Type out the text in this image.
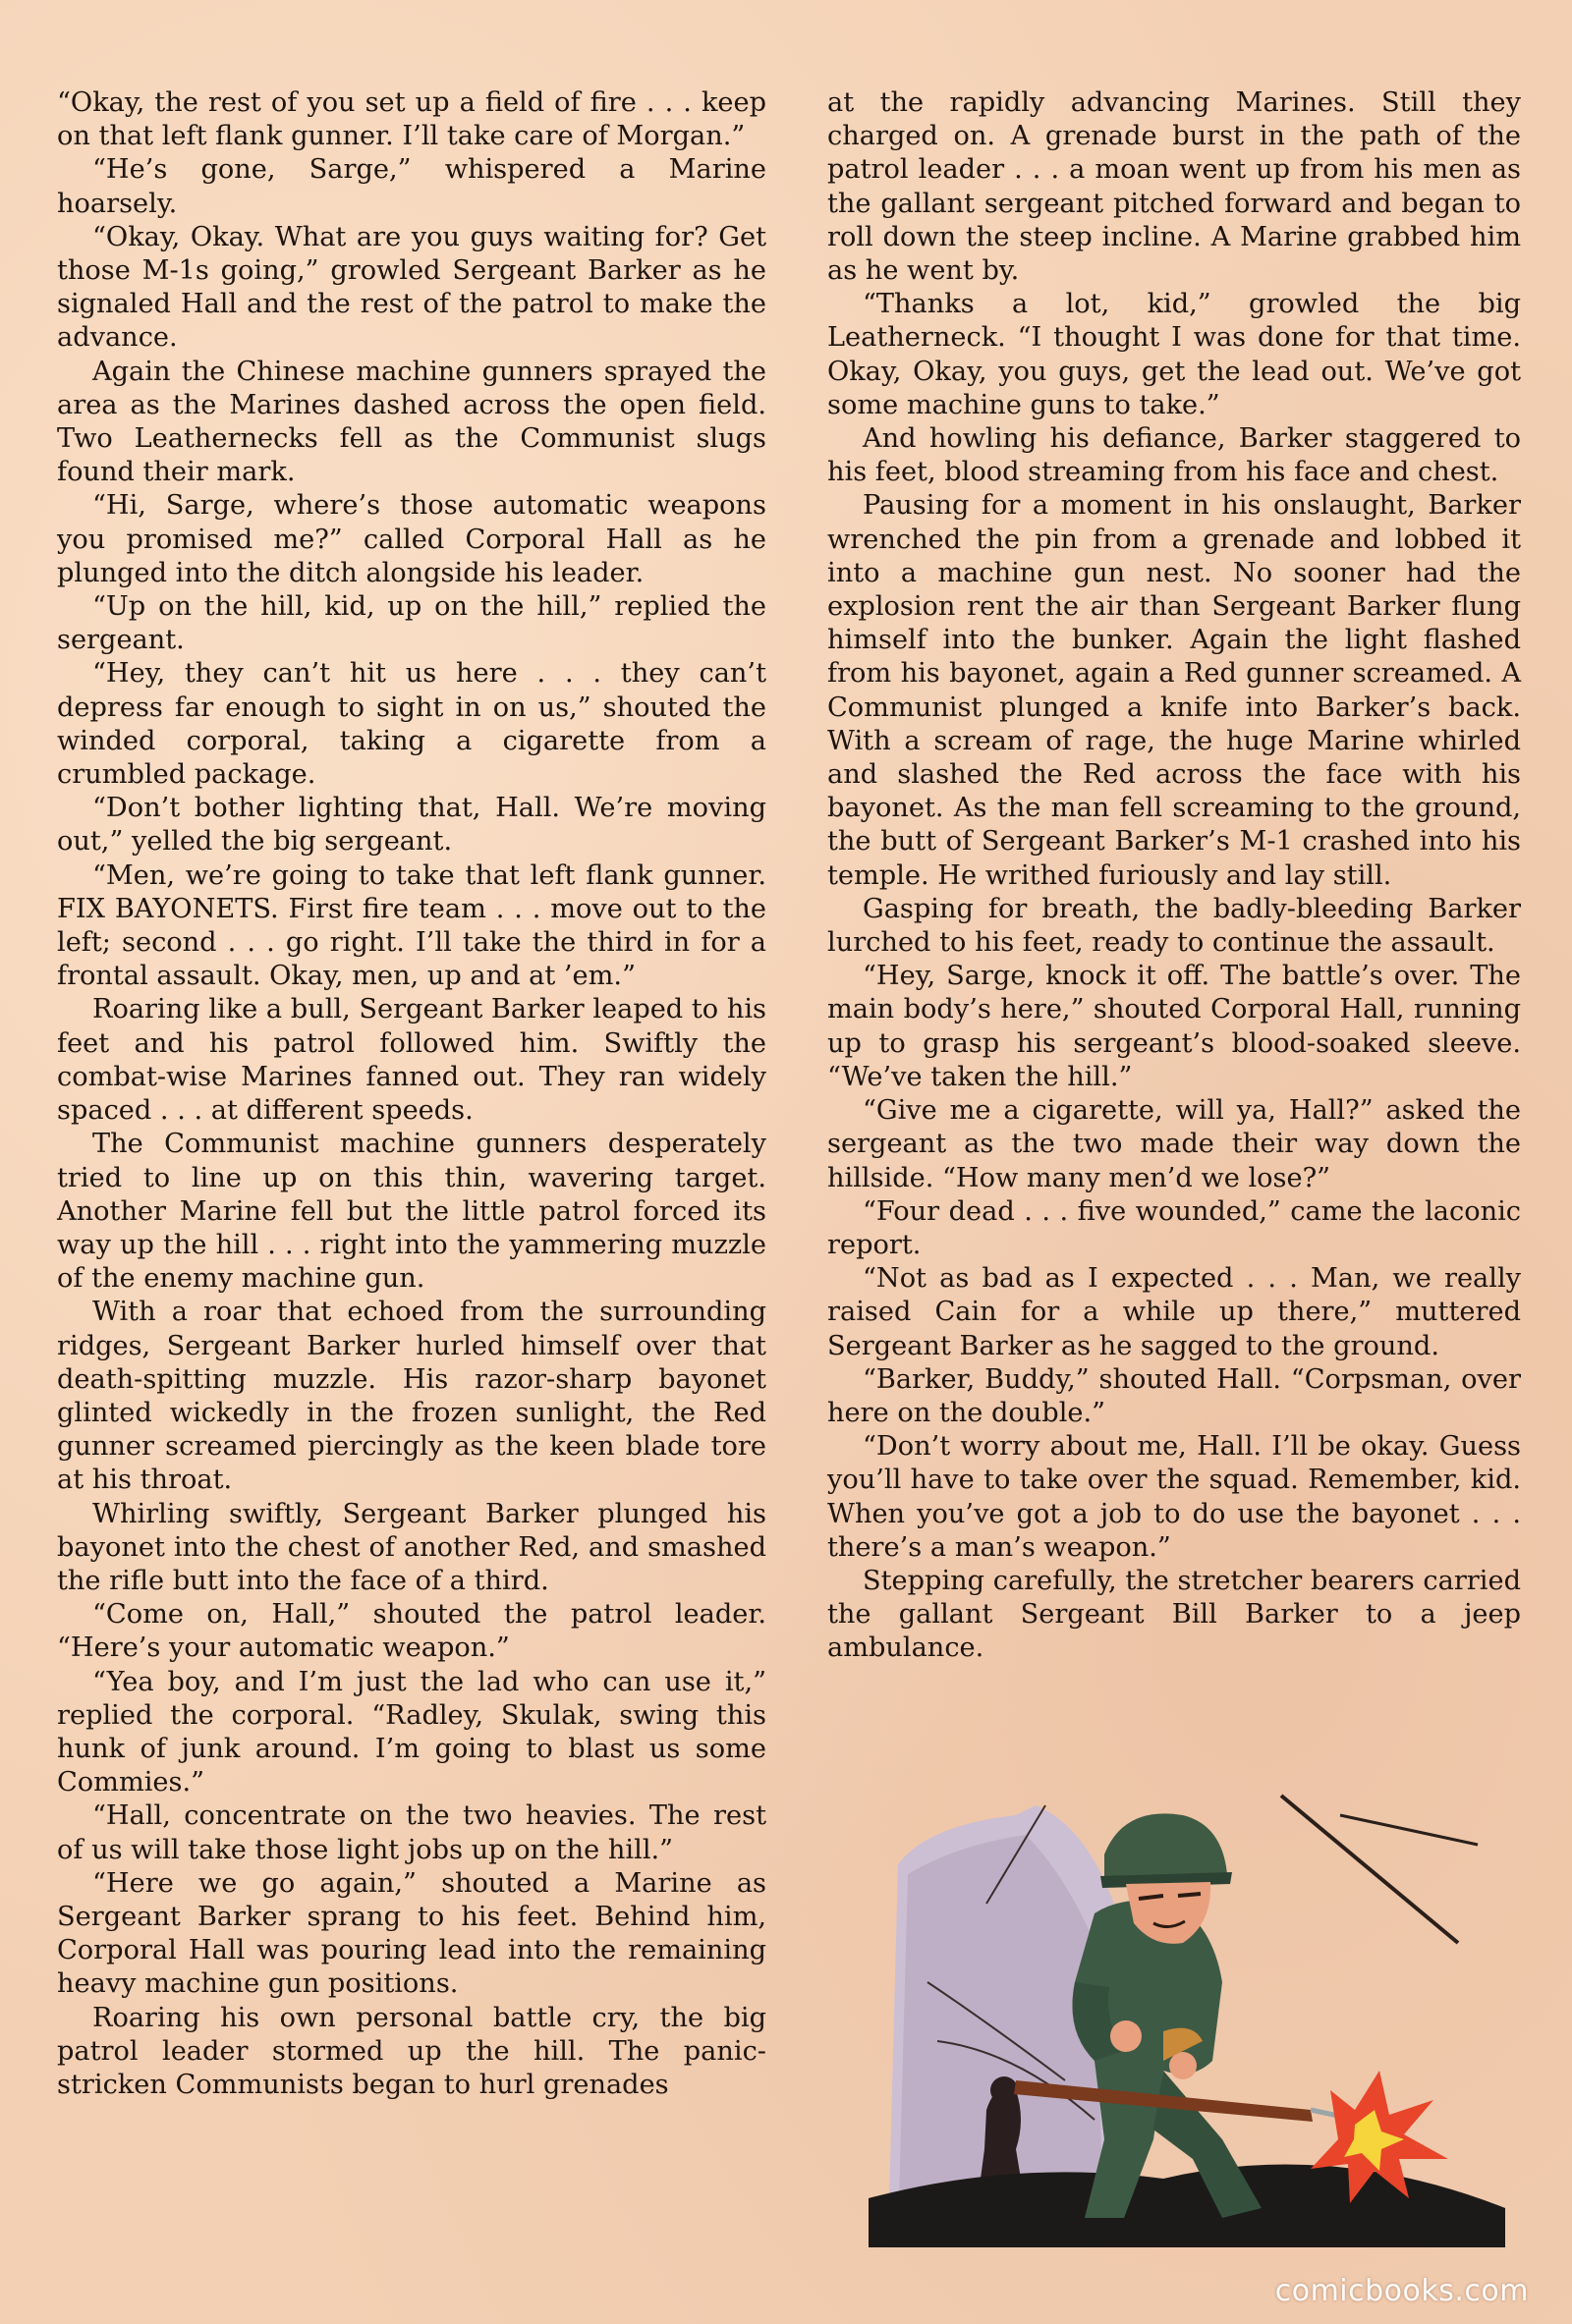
“Okay, the rest of you set up a field of fire . . . keep on that left flank gunner. I’ll take care of Morgan.”

“He’s gone, Sarge,” whispered a Marine hoarsely.

“Okay, Okay. What are you guys waiting for? Get those M-1s going,” growled Sergeant Barker as he signaled Hall and the rest of the patrol to make the advance.

Again the Chinese machine gunners sprayed the area as the Marines dashed across the open field. Two Leathernecks fell as the Communist slugs found their mark.

“Hi, Sarge, where’s those automatic weapons you promised me?” called Corporal Hall as he plunged into the ditch alongside his leader.

“Up on the hill, kid, up on the hill,” replied the sergeant.

“Hey, they can’t hit us here . . . they can’t depress far enough to sight in on us,” shouted the winded corporal, taking a cigarette from a crumbled package.

“Don’t bother lighting that, Hall. We’re moving out,” yelled the big sergeant.

“Men, we’re going to take that left flank gunner. FIX BAYONETS. First fire team . . . move out to the left; second . . . go right. I’ll take the third in for a frontal assault. Okay, men, up and at ’em.”

Roaring like a bull, Sergeant Barker leaped to his feet and his patrol followed him. Swiftly the combat-wise Marines fanned out. They ran widely spaced . . . at different speeds.

The Communist machine gunners desperately tried to line up on this thin, wavering target. Another Marine fell but the little patrol forced its way up the hill . . . right into the yammering muzzle of the enemy machine gun.

With a roar that echoed from the surrounding ridges, Sergeant Barker hurled himself over that death-spitting muzzle. His razor-sharp bayonet glinted wickedly in the frozen sunlight, the Red gunner screamed piercingly as the keen blade tore at his throat.

Whirling swiftly, Sergeant Barker plunged his bayonet into the chest of another Red, and smashed the rifle butt into the face of a third.

“Come on, Hall,” shouted the patrol leader. “Here’s your automatic weapon.”

“Yea boy, and I’m just the lad who can use it,” replied the corporal. “Radley, Skulak, swing this hunk of junk around. I’m going to blast us some Commies.”

“Hall, concentrate on the two heavies. The rest of us will take those light jobs up on the hill.”

“Here we go again,” shouted a Marine as Sergeant Barker sprang to his feet. Behind him, Corporal Hall was pouring lead into the remaining heavy machine gun positions.

Roaring his own personal battle cry, the big patrol leader stormed up the hill. The panic-stricken Communists began to hurl grenades

at the rapidly advancing Marines. Still they charged on. A grenade burst in the path of the patrol leader . . . a moan went up from his men as the gallant sergeant pitched forward and began to roll down the steep incline. A Marine grabbed him as he went by.

“Thanks a lot, kid,” growled the big Leatherneck. “I thought I was done for that time. Okay, Okay, you guys, get the lead out. We’ve got some machine guns to take.”

And howling his defiance, Barker staggered to his feet, blood streaming from his face and chest.

Pausing for a moment in his onslaught, Barker wrenched the pin from a grenade and lobbed it into a machine gun nest. No sooner had the explosion rent the air than Sergeant Barker flung himself into the bunker. Again the light flashed from his bayonet, again a Red gunner screamed. A Communist plunged a knife into Barker’s back. With a scream of rage, the huge Marine whirled and slashed the Red across the face with his bayonet. As the man fell screaming to the ground, the butt of Sergeant Barker’s M-1 crashed into his temple. He writhed furiously and lay still.

Gasping for breath, the badly-bleeding Barker lurched to his feet, ready to continue the assault.

“Hey, Sarge, knock it off. The battle’s over. The main body’s here,” shouted Corporal Hall, running up to grasp his sergeant’s blood-soaked sleeve. “We’ve taken the hill.”

“Give me a cigarette, will ya, Hall?” asked the sergeant as the two made their way down the hillside. “How many men’d we lose?”

“Four dead . . . five wounded,” came the laconic report.

“Not as bad as I expected . . . Man, we really raised Cain for a while up there,” muttered Sergeant Barker as he sagged to the ground.

“Barker, Buddy,” shouted Hall. “Corpsman, over here on the double.”

“Don’t worry about me, Hall. I’ll be okay. Guess you’ll have to take over the squad. Remember, kid. When you’ve got a job to do use the bayonet . . . there’s a man’s weapon.”

Stepping carefully, the stretcher bearers carried the gallant Sergeant Bill Barker to a jeep ambulance.

comicbooks.com
